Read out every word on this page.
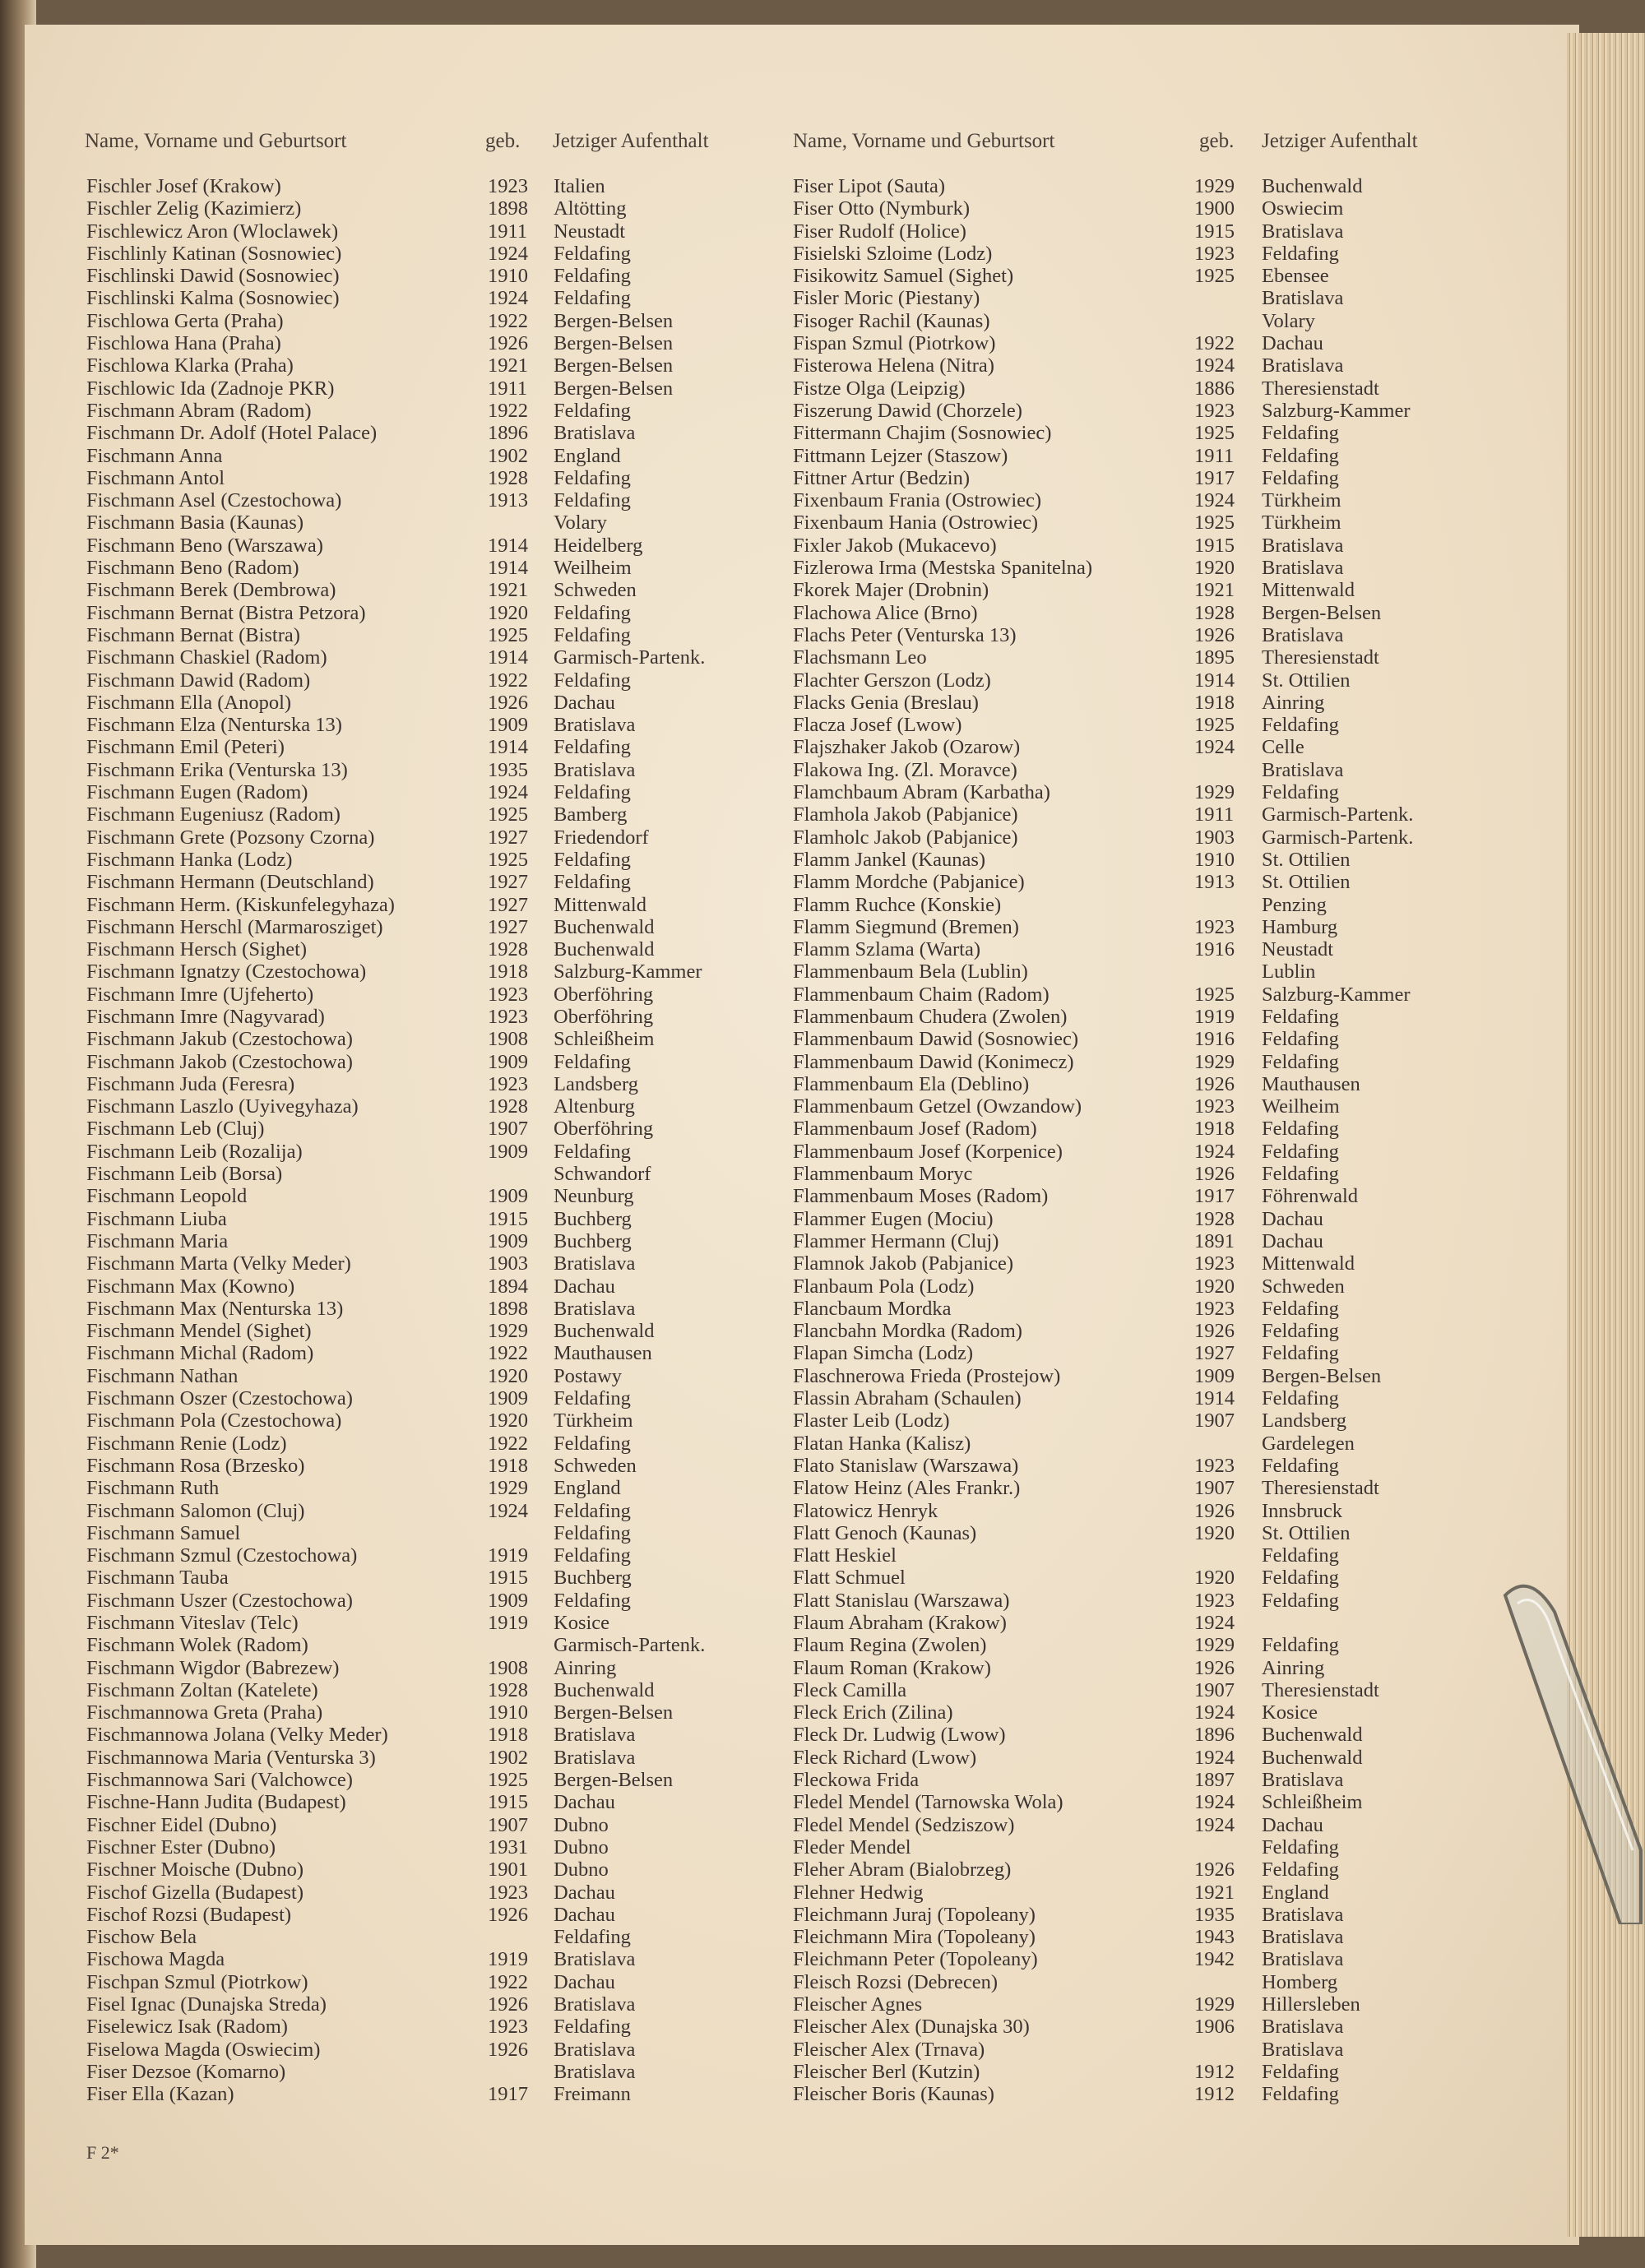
Name, Vorname und Geburtsort	geb. Jetziger Aufenthalt	Name, Vorname und Geburtsort	geb. Jetziger Aufenthalt
Fischler Josef (Krakow)	1923 Italien
Fischler Zelig (Kazimierz)	1898 Altötting
Fischlewicz Aron (Wloclawek)	1911 Neustadt
Fischlinly Katinan (Sosnowiec)	1924 Feldafing
Fischlinski Dawid (Sosnowiec)	1910 Feldafing
Fischlinski Kalma (Sosnowiec)	1924 Feldafing
Fischlowa Gerta (Praha)	1922 Bergen-Belsen
Fischlowa Hana (Praha)	1926 Bergen-Belsen
Fischlowa Klarka (Praha)	1921 Bergen-Belsen
Fischlowic Ida (Zadnoje PKR)	1911 Bergen-Belsen
Fischmann Abram (Radom)	1922 Feldafing
Fischmann Dr. Adolf (Hotel Palace)	1896 Bratislava
Fischmann Anna	1902 England
Fischmann Antol	1928 Feldafing
Fischmann Asel (Czestochowa)	1913 Feldafing
Fischmann Basia (Kaunas)	Volary
Fischmann Beno (Warszawa)	1914 Heidelberg
Fischmann Beno (Radom)	1914 Weilheim
Fischmann Berek (Dembrowa)	1921 Schweden
Fischmann Bernat (Bistra Petzora)	1920 Feldafing
Fischmann Bernat (Bistra)	1925 Feldafing
Fischmann Chaskiel (Radom)	1914 Garmisch-Partenk.
Fischmann Dawid (Radom)	1922 Feldafing
Fischmann Ella (Anopol)	1926 Dachau
Fischmann Elza (Nenturska 13)	1909 Bratislava
Fischmann Emil (Peteri)	1914 Feldafing
Fischmann Erika (Venturska 13)	1935 Bratislava
Fischmann Eugen (Radom)	1924 Feldafing
Fischmann Eugeniusz (Radom)	1925 Bamberg
Fischmann Grete (Pozsony Czorna)	1927 Friedendorf
Fischmann Hanka (Lodz)	1925 Feldafing
Fischmann Hermann (Deutschland)	1927 Feldafing
Fischmann Herm. (Kiskunfelegyhaza)	1927 Mittenwald
Fischmann Herschl (Marmarosziget)	1927 Buchenwald
Fischmann Hersch (Sighet)	1928 Buchenwald
Fischmann Ignatzy (Czestochowa)	1918 Salzburg-Kammer
Fischmann Imre (Ujfeherto)	1923 Oberföhring
Fischmann Imre (Nagyvarad)	1923 Oberföhring
Fischmann Jakub (Czestochowa)	1908 Schleißheim
Fischmann Jakob (Czestochowa)	1909 Feldafing
Fischmann Juda (Feresra)	1923 Landsberg
Fischmann Laszlo (Uyivegyhaza)	1928 Altenburg
Fischmann Leb (Cluj)	1907 Oberföhring
Fischmann Leib (Rozalija)	1909 Feldafing
Fischmann Leib (Borsa)	Schwandorf
Fischmann Leopold	1909 Neunburg
Fischmann Liuba	1915 Buchberg
Fischmann Maria	1909 Buchberg
Fischmann Marta (Velky Meder)	1903 Bratislava
Fischmann Max (Kowno)	1894 Dachau
Fischmann Max (Nenturska 13)	1898 Bratislava
Fischmann Mendel (Sighet)	1929 Buchenwald
Fischmann Michal (Radom)	1922 Mauthausen
Fischmann Nathan	1920 Postawy
Fischmann Oszer (Czestochowa)	1909 Feldafing
Fischmann Pola (Czestochowa)	1920 Türkheim
Fischmann Renie (Lodz)	1922 Feldafing
Fischmann Rosa (Brzesko)	1918 Schweden
Fischmann Ruth	1929 England
Fischmann Salomon (Cluj)	1924 Feldafing
Fischmann Samuel	Feldafing
Fischmann Szmul (Czestochowa)	1919 Feldafing
Fischmann Tauba	1915 Buchberg
Fischmann Uszer (Czestochowa)	1909 Feldafing
Fischmann Viteslav (Telc)	1919 Kosice
Fischmann Wolek (Radom)	Garmisch-Partenk.
Fischmann Wigdor (Babrezew)	1908 Ainring
Fischmann Zoltan (Katelete)	1928 Buchenwald
Fischmannowa Greta (Praha)	1910 Bergen-Belsen
Fischmannowa Jolana (Velky Meder)	1918 Bratislava
Fischmannowa Maria (Venturska 3)	1902 Bratislava
Fischmannowa Sari (Valchowce)	1925 Bergen-Belsen
Fischne-Hann Judita (Budapest)	1915 Dachau
Fischner Eidel (Dubno)	1907 Dubno
Fischner Ester (Dubno)	1931 Dubno
Fischner Moische (Dubno)	1901 Dubno
Fischof Gizella (Budapest)	1923 Dachau
Fischof Rozsi (Budapest)	1926 Dachau
Fischow Bela	Feldafing
Fischowa Magda	1919 Bratislava
Fischpan Szmul (Piotrkow)	1922 Dachau
Fisel Ignac (Dunajska Streda)	1926 Bratislava
Fiselewicz Isak (Radom)	1923 Feldafing
Fiselowa Magda (Oswiecim)	1926 Bratislava
Fiser Dezsoe (Komarno)	Bratislava
Fiser Ella (Kazan)	1917 Freimann
Fiser Lipot (Sauta)	1929 Buchenwald
Fiser Otto (Nymburk)	1900 Oswiecim
Fiser Rudolf (Holice)	1915 Bratislava
Fisielski Szloime (Lodz)	1923 Feldafing
Fisikowitz Samuel (Sighet)	1925 Ebensee
Fisler Moric (Piestany)	Bratislava
Fisoger Rachil (Kaunas)	Volary
Fispan Szmul (Piotrkow)	1922 Dachau
Fisterowa Helena (Nitra)	1924 Bratislava
Fistze Olga (Leipzig)	1886 Theresienstadt
Fiszerung Dawid (Chorzele)	1923 Salzburg-Kammer
Fittermann Chajim (Sosnowiec)	1925 Feldafing
Fittmann Lejzer (Staszow)	1911 Feldafing
Fittner Artur (Bedzin)	1917 Feldafing
Fixenbaum Frania (Ostrowiec)	1924 Türkheim
Fixenbaum Hania (Ostrowiec)	1925 Türkheim
Fixler Jakob (Mukacevo)	1915 Bratislava
Fizlerowa Irma (Mestska Spanitelna)	1920 Bratislava
Fkorek Majer (Drobnin)	1921 Mittenwald
Flachowa Alice (Brno)	1928 Bergen-Belsen
Flachs Peter (Venturska 13)	1926 Bratislava
Flachsmann Leo	1895 Theresienstadt
Flachter Gerszon (Lodz)	1914 St. Ottilien
Flacks Genia (Breslau)	1918 Ainring
Flacza Josef (Lwow)	1925 Feldafing
Flajszhaker Jakob (Ozarow)	1924 Celle
Flakowa Ing. (Zl. Moravce)	Bratislava
Flamchbaum Abram (Karbatha)	1929 Feldafing
Flamhola Jakob (Pabjanice)	1911 Garmisch-Partenk.
Flamholc Jakob (Pabjanice)	1903 Garmisch-Partenk.
Flamm Jankel (Kaunas)	1910 St. Ottilien
Flamm Mordche (Pabjanice)	1913 St. Ottilien
Flamm Ruchce (Konskie)	Penzing
Flamm Siegmund (Bremen)	1923 Hamburg
Flamm Szlama (Warta)	1916 Neustadt
Flammenbaum Bela (Lublin)	Lublin
Flammenbaum Chaim (Radom)	1925 Salzburg-Kammer
Flammenbaum Chudera (Zwolen)	1919 Feldafing
Flammenbaum Dawid (Sosnowiec)	1916 Feldafing
Flammenbaum Dawid (Konimecz)	1929 Feldafing
Flammenbaum Ela (Deblino)	1926 Mauthausen
Flammenbaum Getzel (Owzandow)	1923 Weilheim
Flammenbaum Josef (Radom)	1918 Feldafing
Flammenbaum Josef (Korpenice)	1924 Feldafing
Flammenbaum Moryc	1926 Feldafing
Flammenbaum Moses (Radom)	1917 Föhrenwald
Flammer Eugen (Mociu)	1928 Dachau
Flammer Hermann (Cluj)	1891 Dachau
Flamnok Jakob (Pabjanice)	1923 Mittenwald
Flanbaum Pola (Lodz)	1920 Schweden
Flancbaum Mordka	1923 Feldafing
Flancbahn Mordka (Radom)	1926 Feldafing
Flapan Simcha (Lodz)	1927 Feldafing
Flaschnerowa Frieda (Prostejow)	1909 Bergen-Belsen
Flassin Abraham (Schaulen)	1914 Feldafing
Flaster Leib (Lodz)	1907 Landsberg
Flatan Hanka (Kalisz)	Gardelegen
Flato Stanislaw (Warszawa)	1923 Feldafing
Flatow Heinz (Ales Frankr.)	1907 Theresienstadt
Flatowicz Henryk	1926 Innsbruck
Flatt Genoch (Kaunas)	1920 St. Ottilien
Flatt Heskiel	Feldafing
Flatt Schmuel	1920 Feldafing
Flatt Stanislau (Warszawa)	1923 Feldafing
Flaum Abraham (Krakow)	1924
Flaum Regina (Zwolen)	1929 Feldafing
Flaum Roman (Krakow)	1926 Ainring
Fleck Camilla	1907 Theresienstadt
Fleck Erich (Zilina)	1924 Kosice
Fleck Dr. Ludwig (Lwow)	1896 Buchenwald
Fleck Richard (Lwow)	1924 Buchenwald
Fleckowa Frida	1897 Bratislava
Fledel Mendel (Tarnowska Wola)	1924 Schleißheim
Fledel Mendel (Sedziszow)	1924 Dachau
Fleder Mendel	Feldafing
Fleher Abram (Bialobrzeg)	1926 Feldafing
Flehner Hedwig	1921 England
Fleichmann Juraj (Topoleany)	1935 Bratislava
Fleichmann Mira (Topoleany)	1943 Bratislava
Fleichmann Peter (Topoleany)	1942 Bratislava
Fleisch Rozsi (Debrecen)	Homberg
Fleischer Agnes	1929 Hillersleben
Fleischer Alex (Dunajska 30)	1906 Bratislava
Fleischer Alex (Trnava)	Bratislava
Fleischer Berl (Kutzin)	1912 Feldafing
Fleischer Boris (Kaunas)	1912 Feldafing
F 2*
